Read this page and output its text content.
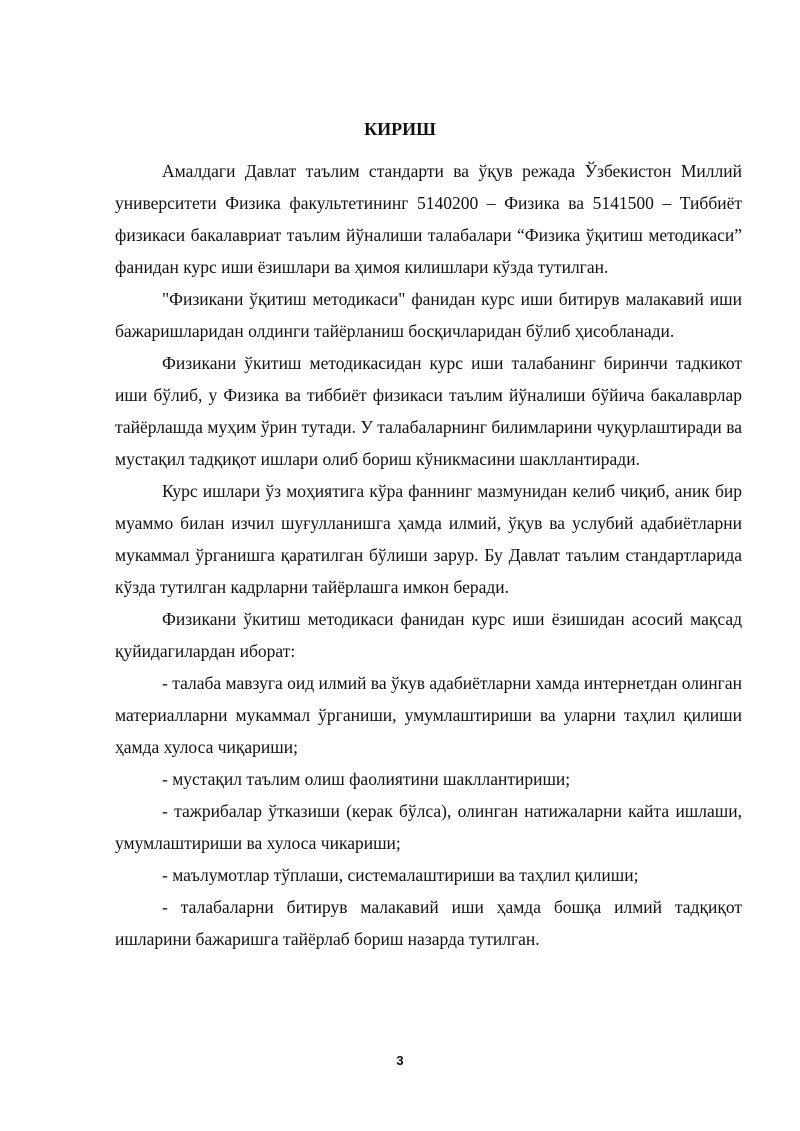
КИРИШ

Амалдаги Давлат таълим стандарти ва ўқув режада Ўзбекистон Миллий университети Физика факультетининг 5140200 – Физика ва 5141500 – Тиббиёт физикаси бакалавриат таълим йўналиши талабалари “Физика ўқитиш методикаси” фанидан курс иши ёзишлари ва ҳимоя килишлари кўзда тутилган.

"Физикани ўқитиш методикаси" фанидан курс иши битирув малакавий иши бажаришларидан олдинги тайёрланиш босқичларидан бўлиб ҳисобланади.

Физикани ўкитиш методикасидан курс иши талабанинг биринчи тадкикот иши бўлиб, у Физика ва тиббиёт физикаси таълим йўналиши бўйича бакалаврлар тайёрлашда муҳим ўрин тутади. У талабаларнинг билимларини чуқурлаштиради ва мустақил тадқиқот ишлари олиб бориш кўникмасини шакллантиради.

Курс ишлари ўз моҳиятига кўра фаннинг мазмунидан келиб чиқиб, аник бир муаммо билан изчил шуғулланишга ҳамда илмий, ўқув ва услубий адабиётларни мукаммал ўрганишга қаратилган бўлиши зарур. Бу Давлат таълим стандартларида кўзда тутилган кадрларни тайёрлашга имкон беради.

Физикани ўкитиш методикаси фанидан курс иши ёзишидан асосий мақсад қуйидагилардан иборат:

- талаба мавзуга оид илмий ва ўкув адабиётларни хамда интернетдан олинган материалларни мукаммал ўрганиши, умумлаштириши ва уларни таҳлил қилиши ҳамда хулоса чиқариши;

- мустақил таълим олиш фаолиятини шакллантириши;

- тажрибалар ўтказиши (керак бўлса), олинган натижаларни кайта ишлаши, умумлаштириши ва хулоса чикариши;

- маълумотлар тўплаши, системалаштириши ва таҳлил қилиши;

- талабаларни битирув малакавий иши ҳамда бошқа илмий тадқиқот ишларини бажаришга тайёрлаб бориш назарда тутилган.

3
